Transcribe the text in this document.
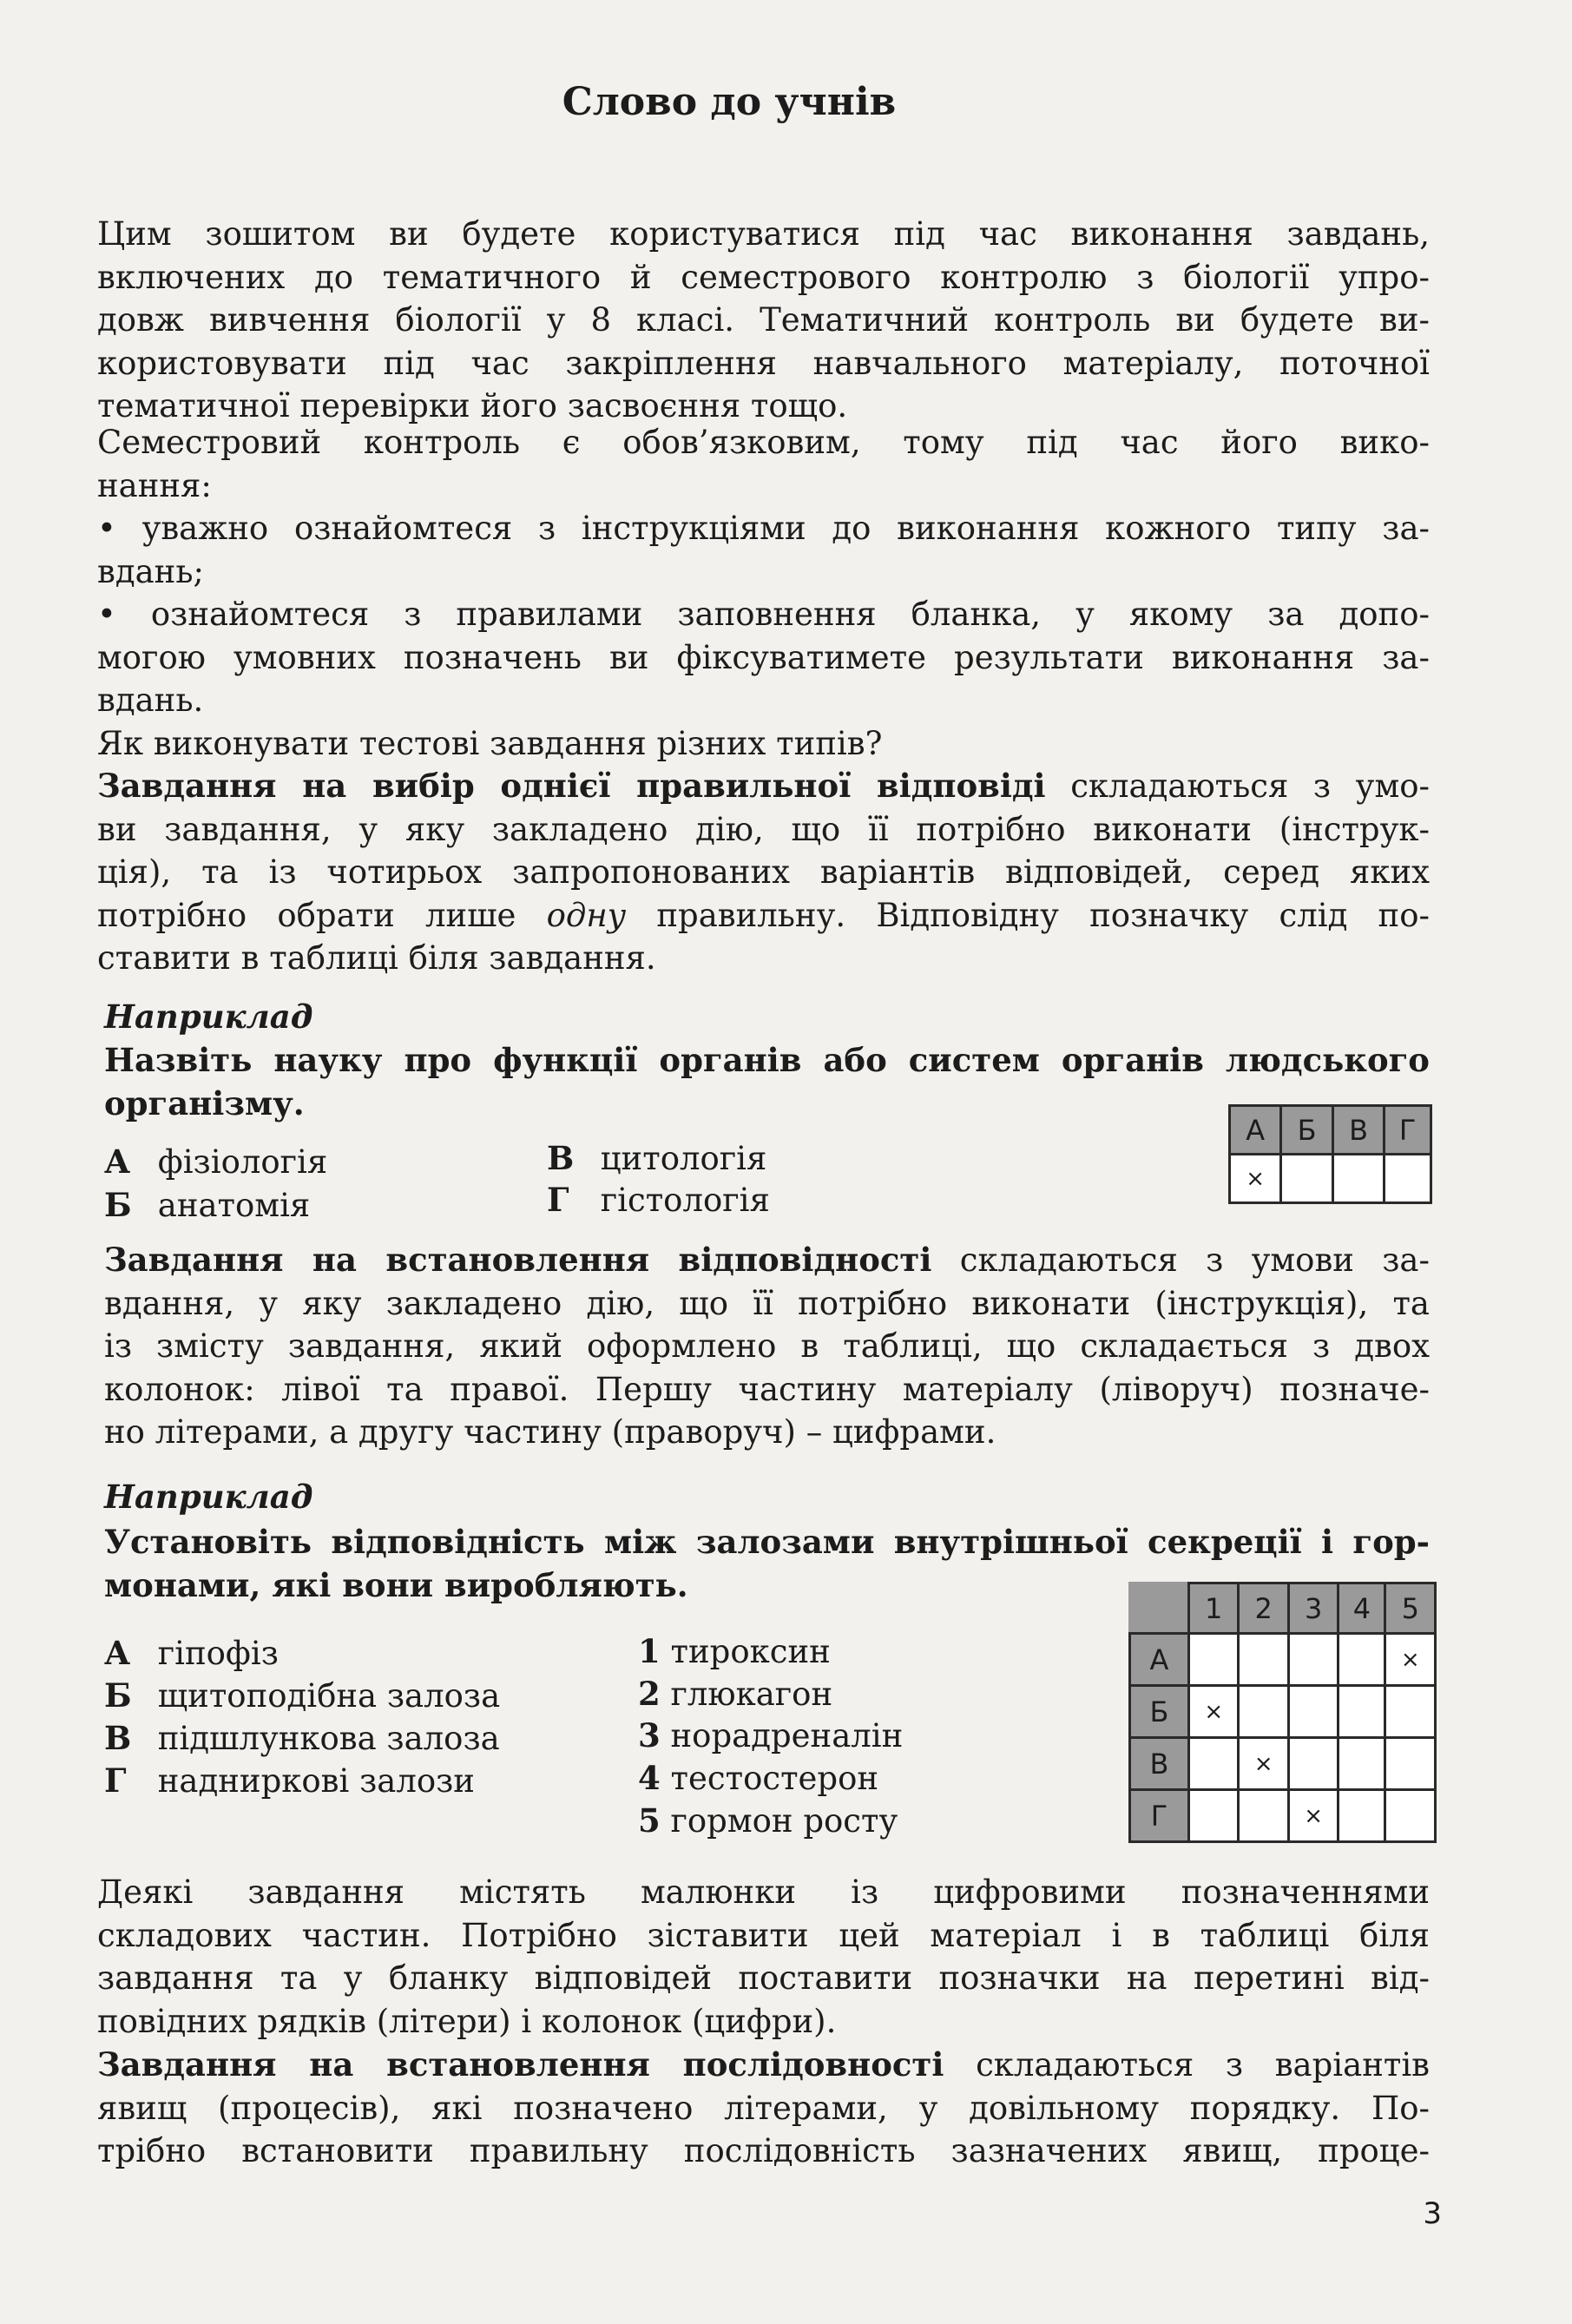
Слово до учнів
Цим зошитом ви будете користуватися під час виконання завдань,
включених до тематичного й семестрового контролю з біології упро-
довж вивчення біології у 8 класі. Тематичний контроль ви будете ви-
користовувати під час закріплення навчального матеріалу, поточної
тематичної перевірки його засвоєння тощо.
Семестровий контроль є обов’язковим, тому під час його вико-
нання:
• уважно ознайомтеся з інструкціями до виконання кожного типу за-
вдань;
• ознайомтеся з правилами заповнення бланка, у якому за допо-
могою умовних позначень ви фіксуватимете результати виконання за-
вдань.
Як виконувати тестові завдання різних типів?
Завдання на вибір однієї правильної відповіді складаються з умо-
ви завдання, у яку закладено дію, що її потрібно виконати (інструк-
ція), та із чотирьох запропонованих варіантів відповідей, серед яких
потрібно обрати лише одну правильну. Відповідну позначку слід по-
ставити в таблиці біля завдання.
Наприклад
Назвіть науку про функції органів або систем органів людського
організму.
А фізіологія
Б анатомія
В цитологія
Г гістологія
А	Б	В	Г
×			
Завдання на встановлення відповідності складаються з умови за-
вдання, у яку закладено дію, що її потрібно виконати (інструкція), та
із змісту завдання, який оформлено в таблиці, що складається з двох
колонок: лівої та правої. Першу частину матеріалу (ліворуч) позначе-
но літерами, а другу частину (праворуч) – цифрами.
Наприклад
Установіть відповідність між залозами внутрішньої секреції і гор-
монами, які вони виробляють.
А гіпофіз
Б щитоподібна залоза
В підшлункова залоза
Г надниркові залози
1 тироксин
2 глюкагон
3 норадреналін
4 тестостерон
5 гормон росту
	1	2	3	4	5
А					×
Б	×				
В		×			
Г			×		
Деякі завдання містять малюнки із цифровими позначеннями
складових частин. Потрібно зіставити цей матеріал і в таблиці біля
завдання та у бланку відповідей поставити позначки на перетині від-
повідних рядків (літери) і колонок (цифри).
Завдання на встановлення послідовності складаються з варіантів
явищ (процесів), які позначено літерами, у довільному порядку. По-
трібно встановити правильну послідовність зазначених явищ, проце-
3
